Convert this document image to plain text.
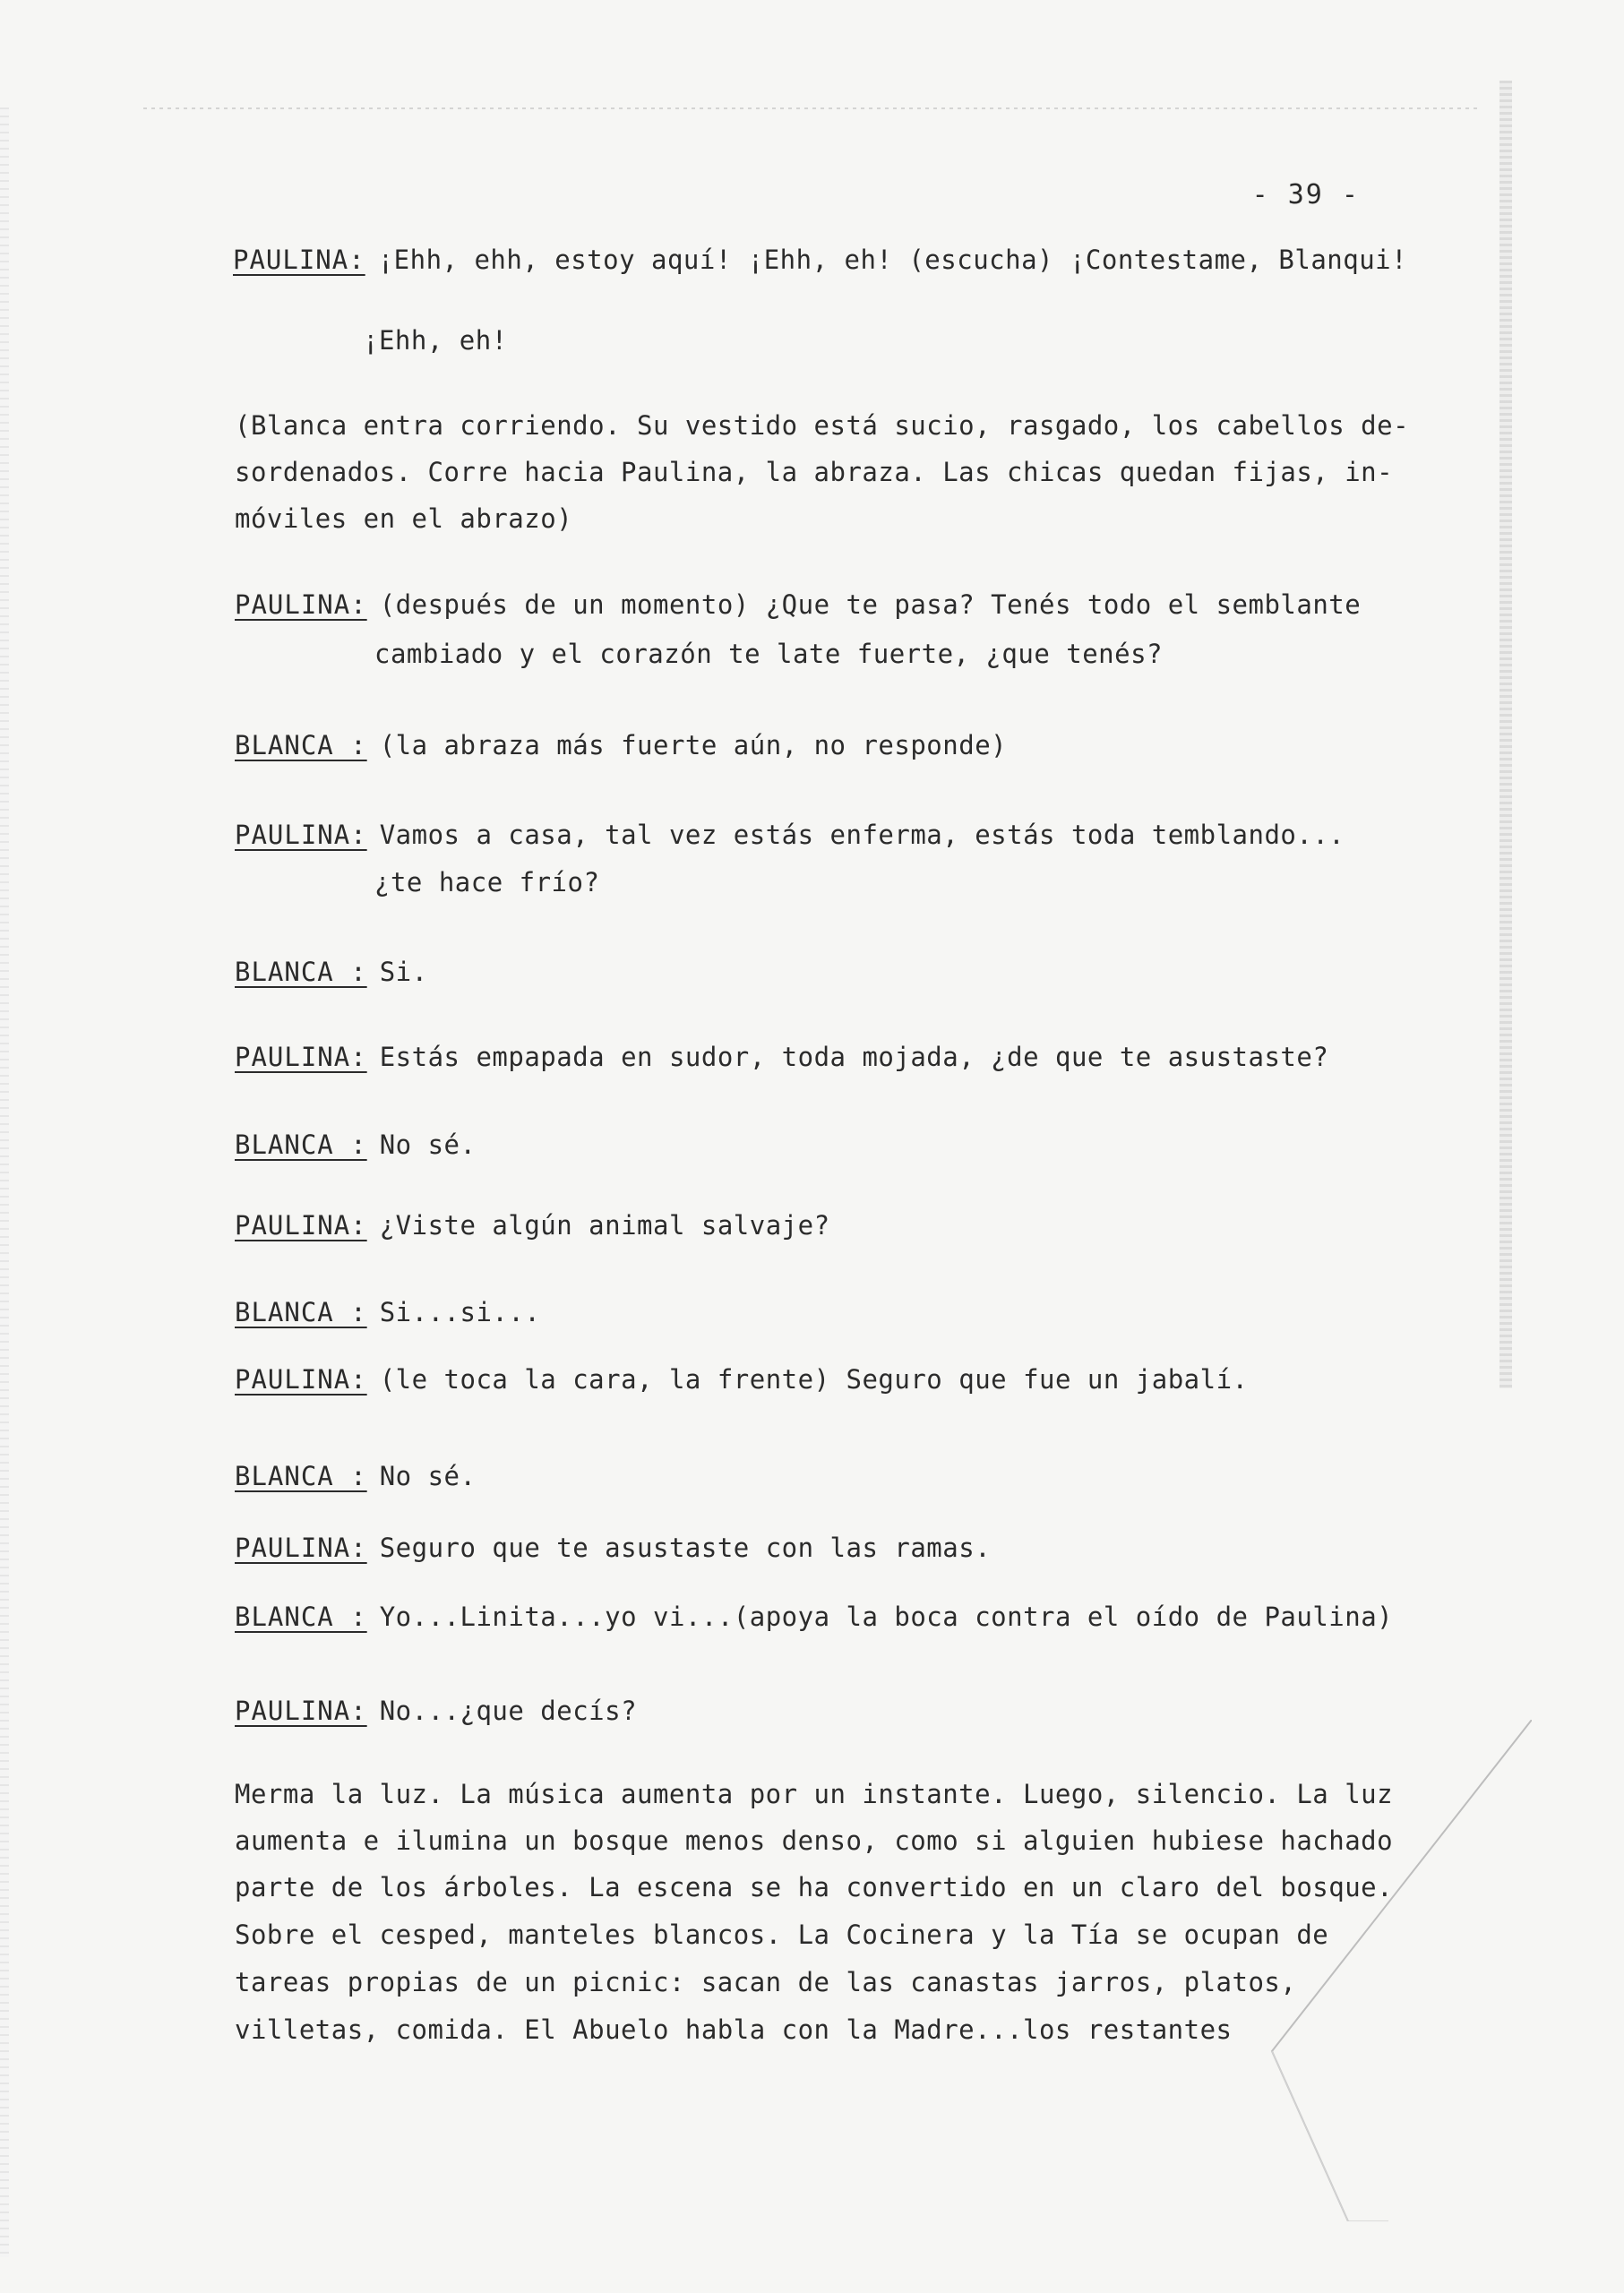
- 39 -
PAULINA: ¡Ehh, ehh, estoy aquí! ¡Ehh, eh! (escucha) ¡Contestame, Blanqui!
¡Ehh, eh!
(Blanca entra corriendo. Su vestido está sucio, rasgado, los cabellos de-
sordenados. Corre hacia Paulina, la abraza. Las chicas quedan fijas, in-
móviles en el abrazo)
PAULINA: (después de un momento) ¿Que te pasa? Tenés todo el semblante
cambiado y el corazón te late fuerte, ¿que tenés?
BLANCA : (la abraza más fuerte aún, no responde)
PAULINA: Vamos a casa, tal vez estás enferma, estás toda temblando...
¿te hace frío?
BLANCA : Si.
PAULINA: Estás empapada en sudor, toda mojada, ¿de que te asustaste?
BLANCA : No sé.
PAULINA: ¿Viste algún animal salvaje?
BLANCA : Si...si...
PAULINA: (le toca la cara, la frente) Seguro que fue un jabalí.
BLANCA : No sé.
PAULINA: Seguro que te asustaste con las ramas.
BLANCA : Yo...Linita...yo vi...(apoya la boca contra el oído de Paulina)
PAULINA: No...¿que decís?
Merma la luz. La música aumenta por un instante. Luego, silencio. La luz
aumenta e ilumina un bosque menos denso, como si alguien hubiese hachado
parte de los árboles. La escena se ha convertido en un claro del bosque.
Sobre el cesped, manteles blancos. La Cocinera y la Tía se ocupan de
tareas propias de un picnic: sacan de las canastas jarros, platos,
villetas, comida. El Abuelo habla con la Madre...los restantes
